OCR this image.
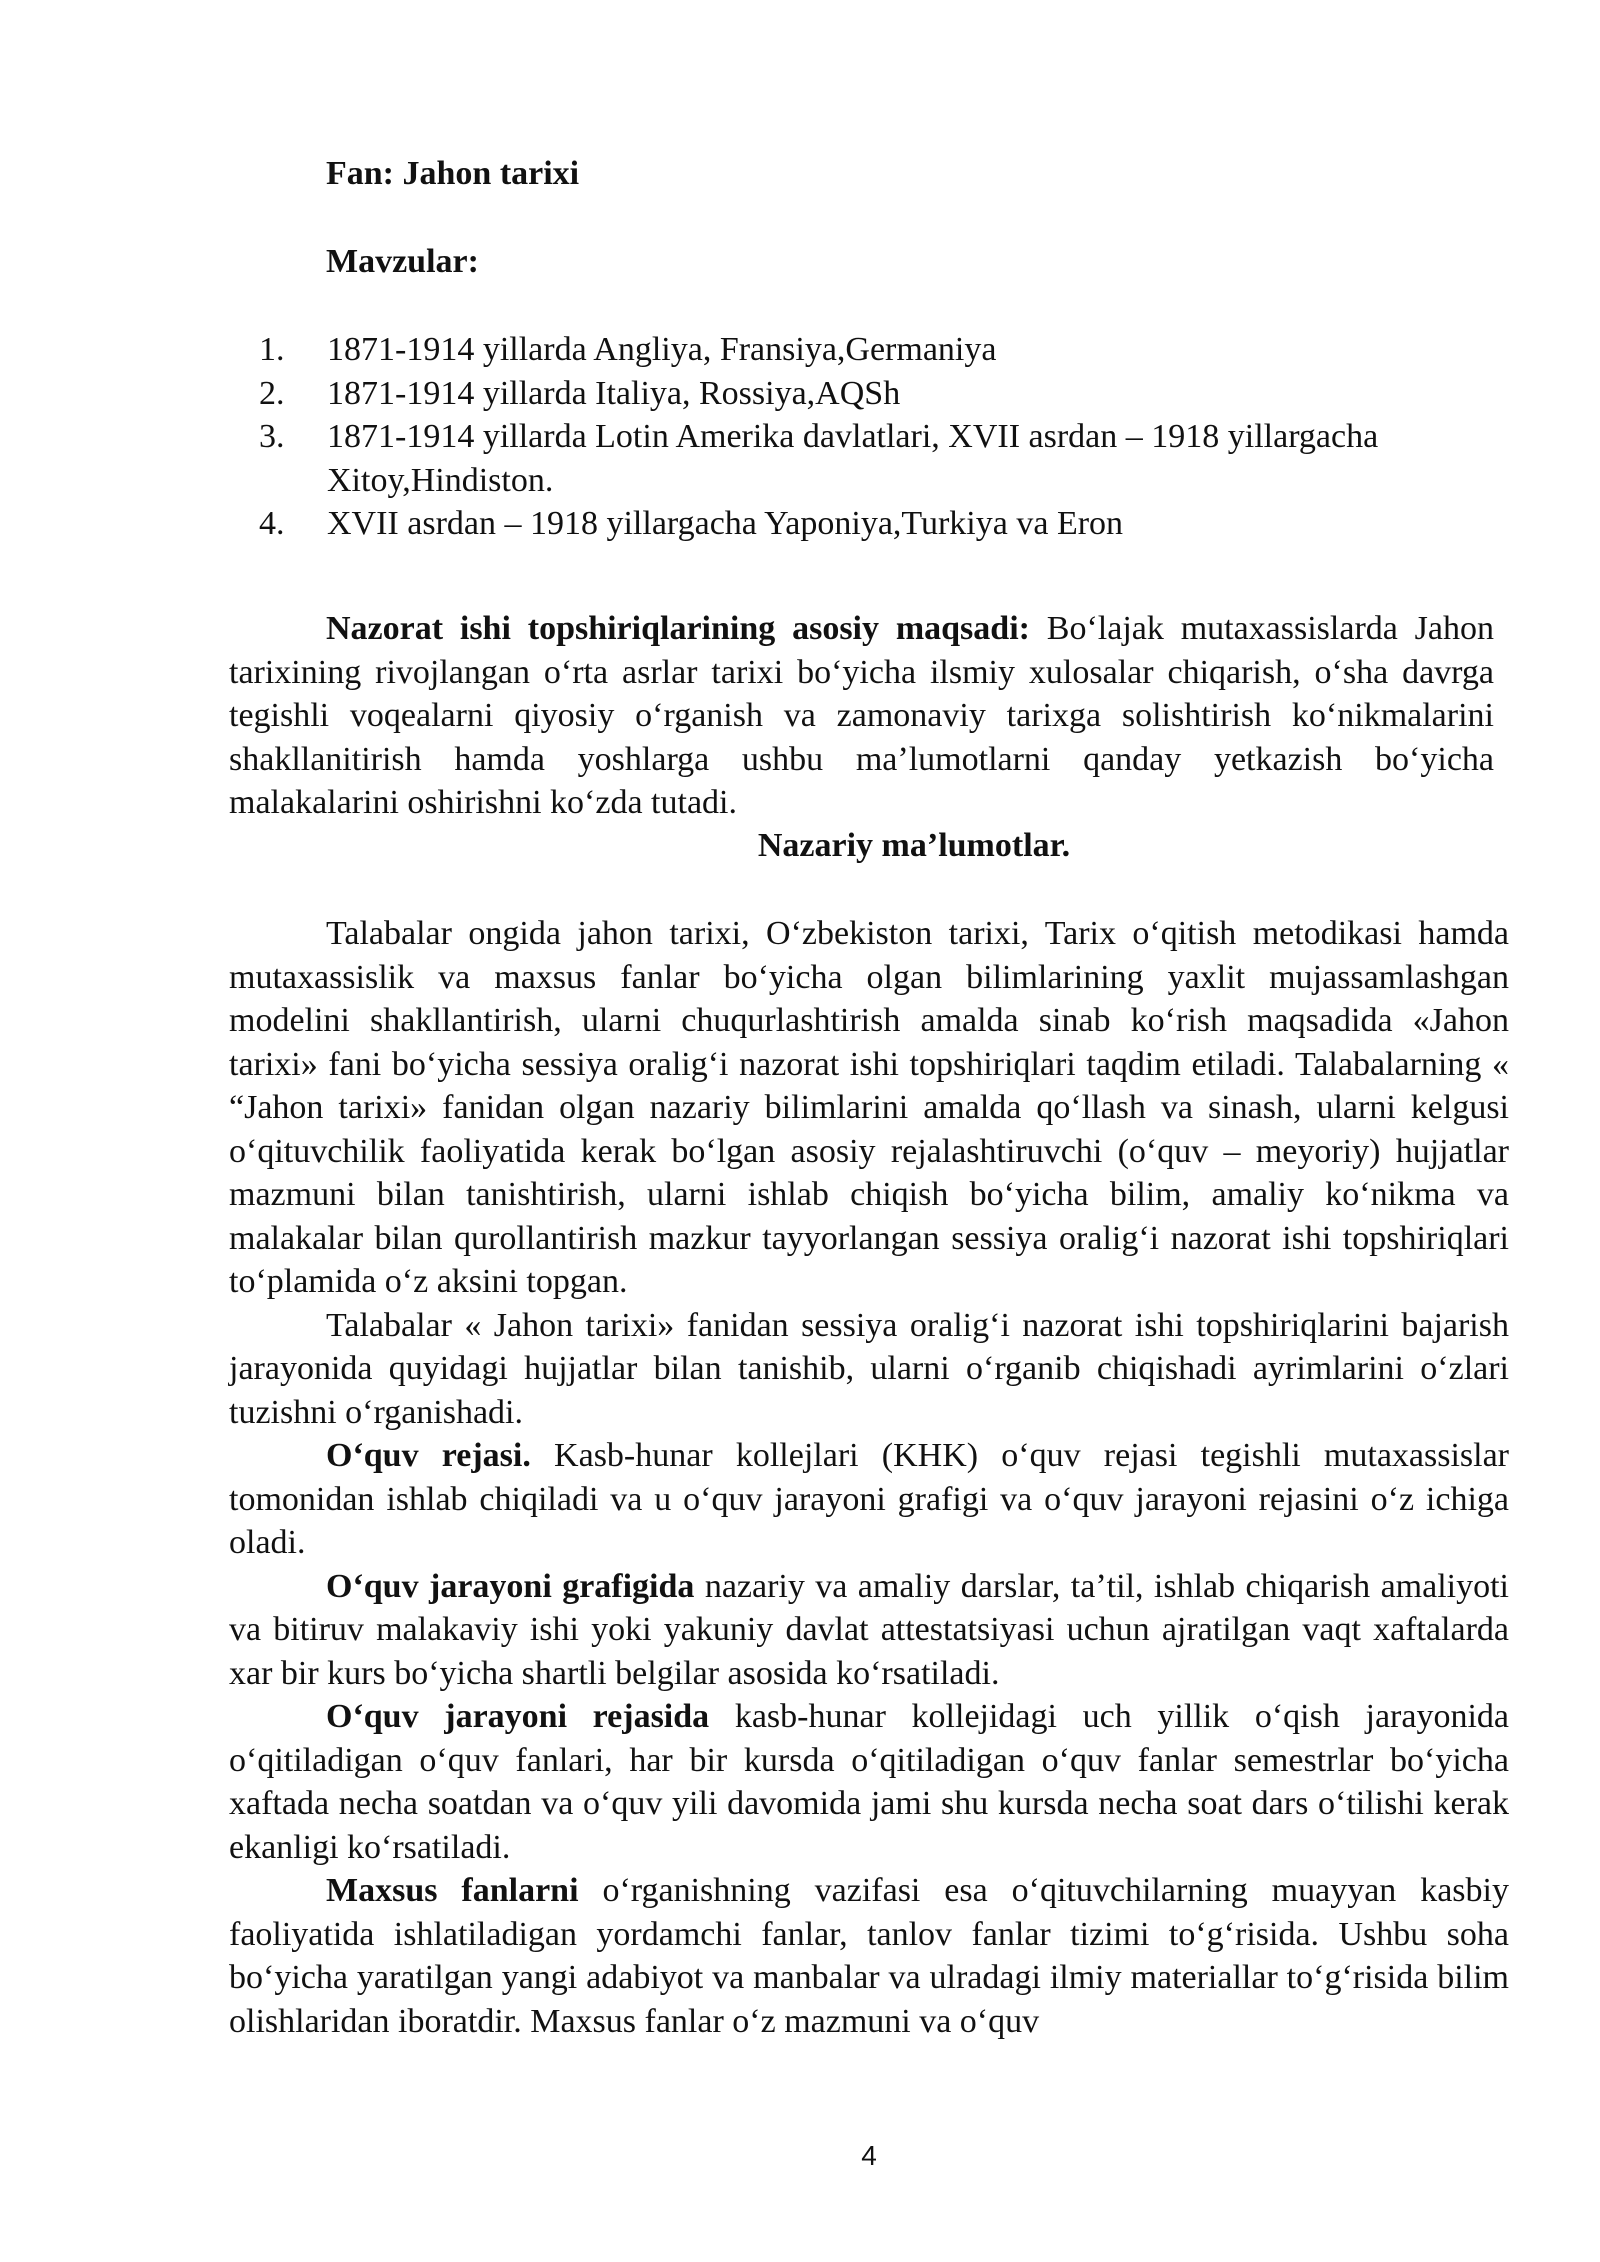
Fan: Jahon tarixi

Mavzular:

1.	1871-1914 yillarda Angliya, Fransiya,Germaniya
2.	1871-1914 yillarda Italiya, Rossiya,AQSh
3.	1871-1914 yillarda Lotin Amerika davlatlari, XVII asrdan – 1918 yillargacha Xitoy,Hindiston.
4.	XVII asrdan – 1918 yillargacha Yaponiya,Turkiya va Eron

Nazorat ishi topshiriqlarining asosiy maqsadi: Boʻlajak mutaxassislarda Jahon tarixining rivojlangan oʻrta asrlar tarixi boʻyicha ilsmiy xulosalar chiqarish, oʻsha davrga tegishli voqealarni qiyosiy oʻrganish va zamonaviy tarixga solishtirish koʻnikmalarini shakllanitirish hamda yoshlarga ushbu maʼlumotlarni qanday yetkazish boʻyicha malakalarini oshirishni koʻzda tutadi.

Nazariy ma’lumotlar.

Talabalar ongida jahon tarixi, Oʻzbekiston tarixi, Tarix oʻqitish metodikasi hamda mutaxassislik va maxsus fanlar boʻyicha olgan bilimlarining yaxlit mujassamlashgan modelini shakllantirish, ularni chuqurlashtirish amalda sinab koʻrish maqsadida «Jahon tarixi» fani boʻyicha sessiya oraligʻi nazorat ishi topshiriqlari taqdim etiladi. Talabalarning « “Jahon tarixi» fanidan olgan nazariy bilimlarini amalda qoʻllash va sinash, ularni kelgusi oʻqituvchilik faoliyatida kerak boʻlgan asosiy rejalashtiruvchi (oʻquv – meyoriy) hujjatlar mazmuni bilan tanishtirish, ularni ishlab chiqish boʻyicha bilim, amaliy koʻnikma va malakalar bilan qurollantirish mazkur tayyorlangan sessiya oraligʻi nazorat ishi topshiriqlari toʻplamida oʻz aksini topgan.

Talabalar « Jahon tarixi» fanidan sessiya oraligʻi nazorat ishi topshiriqlarini bajarish jarayonida quyidagi hujjatlar bilan tanishib, ularni oʻrganib chiqishadi ayrimlarini oʻzlari tuzishni oʻrganishadi.

Oʻquv rejasi. Kasb-hunar kollejlari (KHK) oʻquv rejasi tegishli mutaxassislar tomonidan ishlab chiqiladi va u oʻquv jarayoni grafigi va oʻquv jarayoni rejasini oʻz ichiga oladi.

Oʻquv jarayoni grafigida nazariy va amaliy darslar, taʼtil, ishlab chiqarish amaliyoti va bitiruv malakaviy ishi yoki yakuniy davlat attestatsiyasi uchun ajratilgan vaqt xaftalarda xar bir kurs boʻyicha shartli belgilar asosida koʻrsatiladi.

Oʻquv jarayoni rejasida kasb-hunar kollejidagi uch yillik oʻqish jarayonida oʻqitiladigan oʻquv fanlari, har bir kursda oʻqitiladigan oʻquv fanlar semestrlar boʻyicha xaftada necha soatdan va oʻquv yili davomida jami shu kursda necha soat dars oʻtilishi kerak ekanligi koʻrsatiladi.

Maxsus fanlarni oʻrganishning vazifasi esa oʻqituvchilarning muayyan kasbiy faoliyatida ishlatiladigan yordamchi fanlar, tanlov fanlar tizimi toʻgʻrisida. Ushbu soha boʻyicha yaratilgan yangi adabiyot va manbalar va ulradagi ilmiy materiallar toʻgʻrisida bilim olishlaridan iboratdir. Maxsus fanlar oʻz mazmuni va oʻquv

4
